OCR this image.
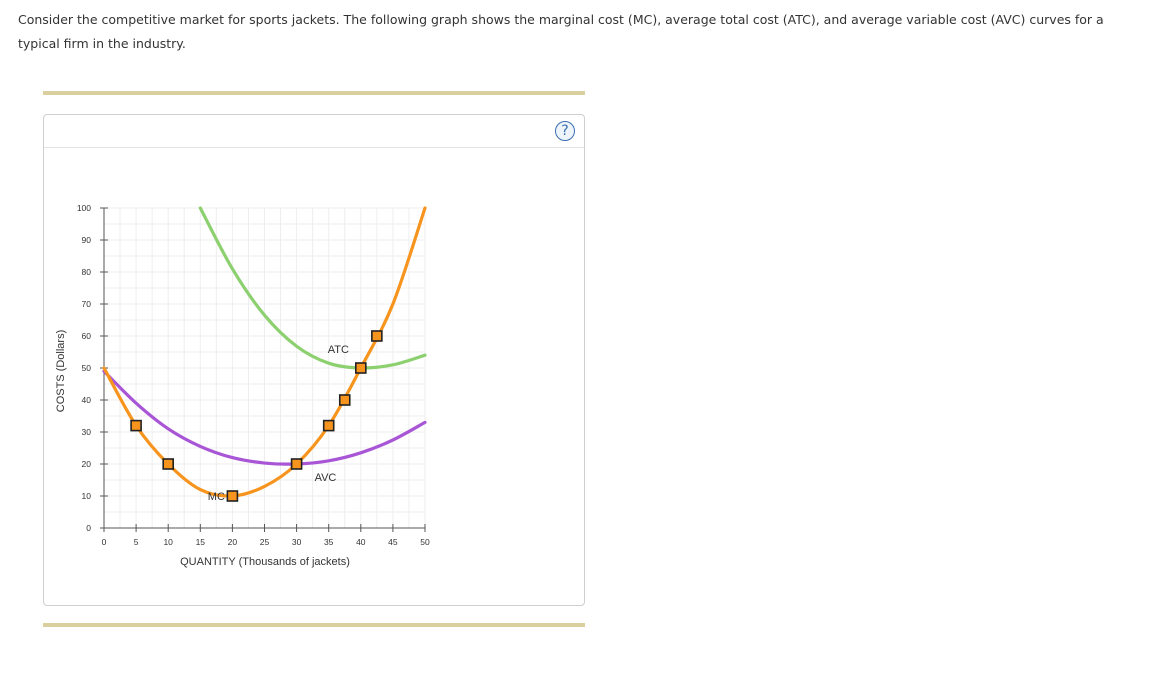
Consider the competitive market for sports jackets. The following graph shows the marginal cost (MC), average total cost (ATC), and average variable cost (AVC) curves for a typical firm in the industry.

?
0	5	10	15	20	25	30	35	40	45	50
0
10
20
30
40
50
60
70
80
90
100
MC
ATC
AVC
QUANTITY (Thousands of jackets)
COSTS (Dollars)
